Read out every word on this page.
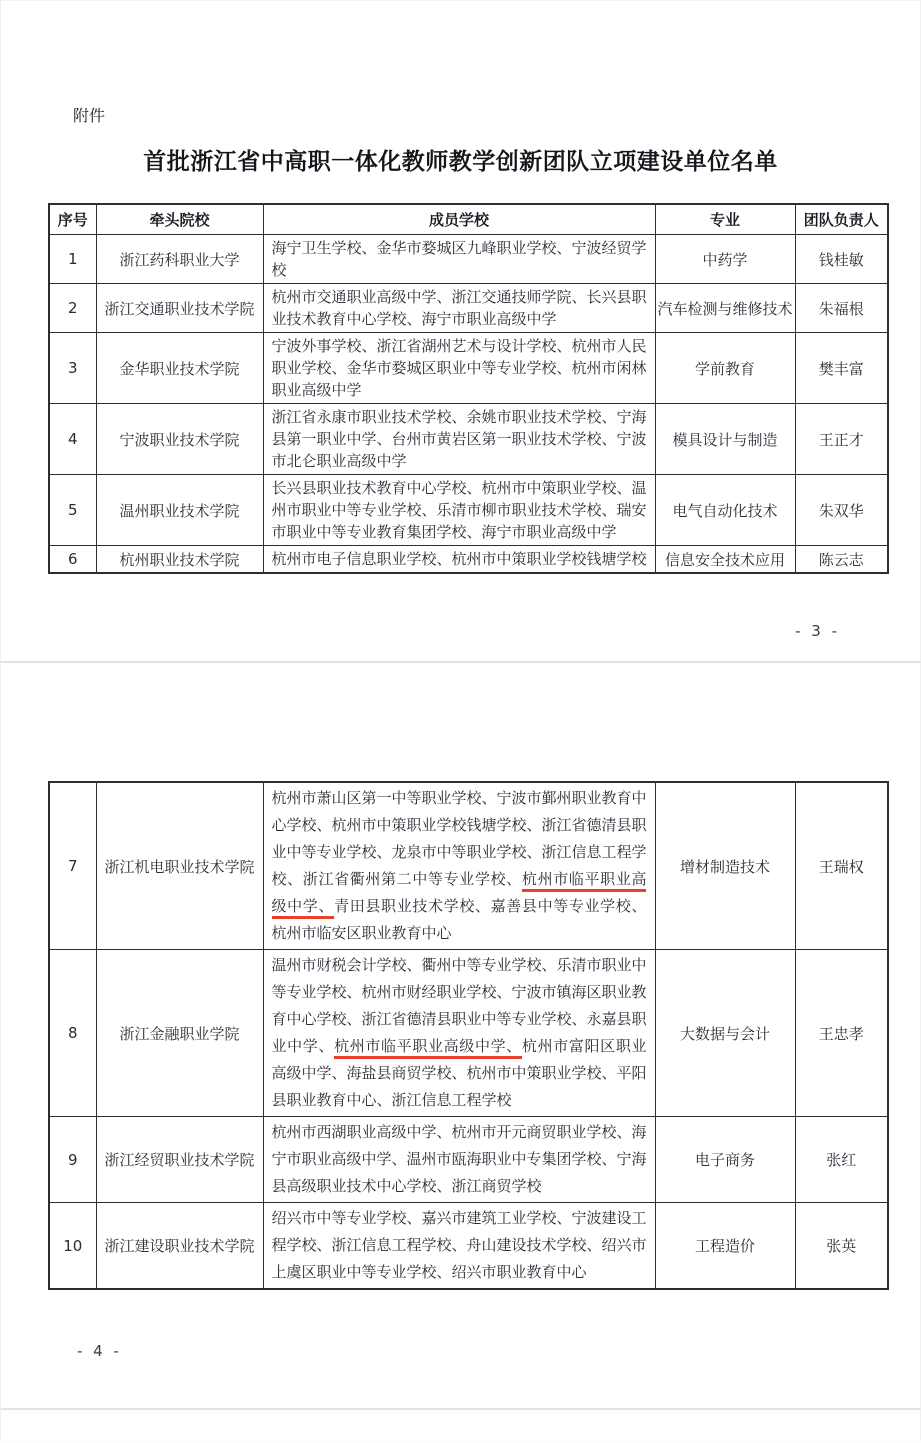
附件

首批浙江省中高职一体化教师教学创新团队立项建设单位名单
序号	牵头院校	成员学校	专业	团队负责人
1	浙江药科职业大学	海宁卫生学校、金华市婺城区九峰职业学校、宁波经贸学校	中药学	钱桂敏
2	浙江交通职业技术学院	杭州市交通职业高级中学、浙江交通技师学院、长兴县职业技术教育中心学校、海宁市职业高级中学	汽车检测与维修技术	朱福根
3	金华职业技术学院	宁波外事学校、浙江省湖州艺术与设计学校、杭州市人民职业学校、金华市婺城区职业中等专业学校、杭州市闲林职业高级中学	学前教育	樊丰富
4	宁波职业技术学院	浙江省永康市职业技术学校、余姚市职业技术学校、宁海县第一职业中学、台州市黄岩区第一职业技术学校、宁波市北仑职业高级中学	模具设计与制造	王正才
5	温州职业技术学院	长兴县职业技术教育中心学校、杭州市中策职业学校、温州市职业中等专业学校、乐清市柳市职业技术学校、瑞安市职业中等专业教育集团学校、海宁市职业高级中学	电气自动化技术	朱双华
6	杭州职业技术学院	杭州市电子信息职业学校、杭州市中策职业学校钱塘学校	信息安全技术应用	陈云志
- 3 -
7	浙江机电职业技术学院	杭州市萧山区第一中等职业学校、宁波市鄞州职业教育中心学校、杭州市中策职业学校钱塘学校、浙江省德清县职业中等专业学校、龙泉市中等职业学校、浙江信息工程学校、浙江省衢州第二中等专业学校、杭州市临平职业高级中学、青田县职业技术学校、嘉善县中等专业学校、杭州市临安区职业教育中心	增材制造技术	王瑞权
8	浙江金融职业学院	温州市财税会计学校、衢州中等专业学校、乐清市职业中等专业学校、杭州市财经职业学校、宁波市镇海区职业教育中心学校、浙江省德清县职业中等专业学校、永嘉县职业中学、杭州市临平职业高级中学、杭州市富阳区职业高级中学、海盐县商贸学校、杭州市中策职业学校、平阳县职业教育中心、浙江信息工程学校	大数据与会计	王忠孝
9	浙江经贸职业技术学院	杭州市西湖职业高级中学、杭州市开元商贸职业学校、海宁市职业高级中学、温州市瓯海职业中专集团学校、宁海县高级职业技术中心学校、浙江商贸学校	电子商务	张红
10	浙江建设职业技术学院	绍兴市中等专业学校、嘉兴市建筑工业学校、宁波建设工程学校、浙江信息工程学校、舟山建设技术学校、绍兴市上虞区职业中等专业学校、绍兴市职业教育中心	工程造价	张英
- 4 -
